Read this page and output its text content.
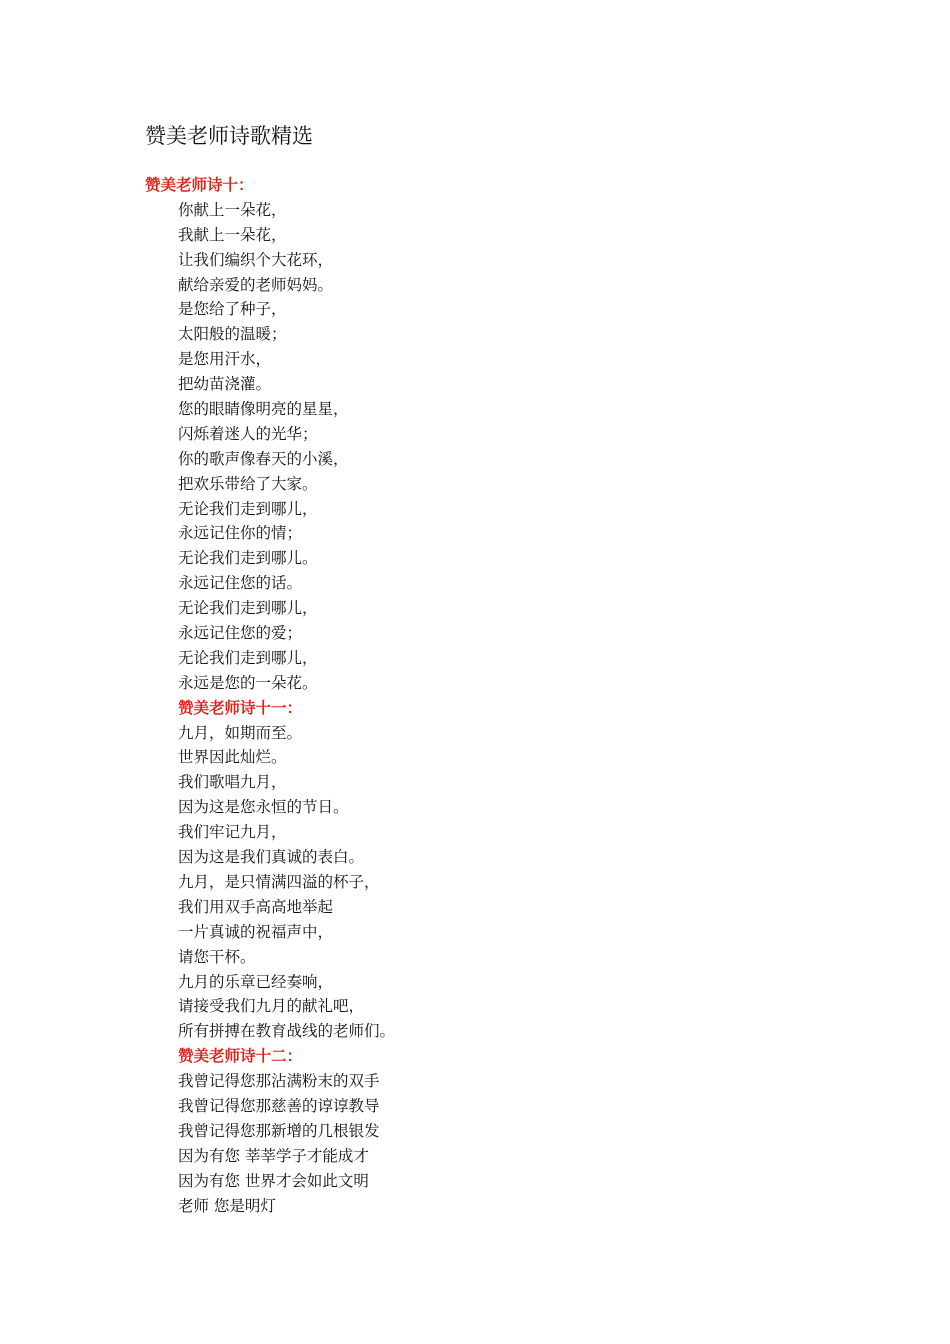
赞美老师诗歌精选
赞美老师诗十：
你献上一朵花，
我献上一朵花，
让我们编织个大花环，
献给亲爱的老师妈妈。
是您给了种子，
太阳般的温暖；
是您用汗水，
把幼苗浇灌。
您的眼睛像明亮的星星，
闪烁着迷人的光华；
你的歌声像春天的小溪，
把欢乐带给了大家。
无论我们走到哪儿，
永远记住你的情；
无论我们走到哪儿。
永远记住您的话。
无论我们走到哪儿，
永远记住您的爱；
无论我们走到哪儿，
永远是您的一朵花。
赞美老师诗十一：
九月，如期而至。
世界因此灿烂。
我们歌唱九月，
因为这是您永恒的节日。
我们牢记九月，
因为这是我们真诚的表白。
九月，是只情满四溢的杯子，
我们用双手高高地举起
一片真诚的祝福声中，
请您干杯。
九月的乐章已经奏响，
请接受我们九月的献礼吧，
所有拼搏在教育战线的老师们。
赞美老师诗十二：
我曾记得您那沾满粉末的双手
我曾记得您那慈善的谆谆教导
我曾记得您那新增的几根银发
因为有您 莘莘学子才能成才
因为有您 世界才会如此文明
老师 您是明灯
